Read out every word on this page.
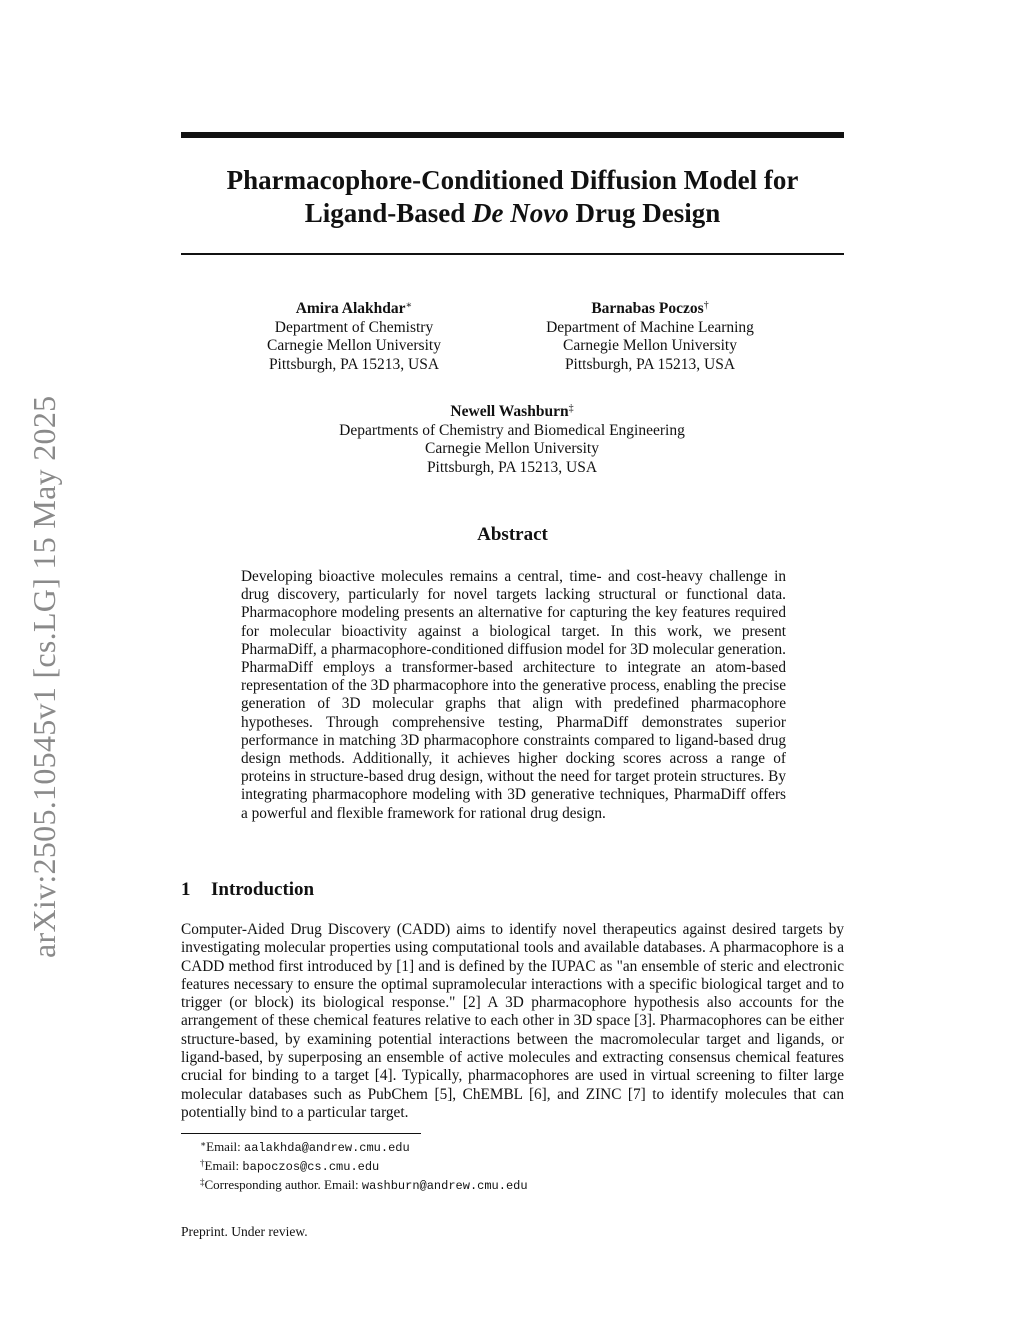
arXiv:2505.10545v1 [cs.LG] 15 May 2025
Pharmacophore-Conditioned Diffusion Model for
Ligand-Based De Novo Drug Design
Amira Alakhdar∗
Department of Chemistry
Carnegie Mellon University
Pittsburgh, PA 15213, USA
Barnabas Poczos†
Department of Machine Learning
Carnegie Mellon University
Pittsburgh, PA 15213, USA
Newell Washburn‡
Departments of Chemistry and Biomedical Engineering
Carnegie Mellon University
Pittsburgh, PA 15213, USA
Abstract
Developing bioactive molecules remains a central, time- and cost-heavy challenge in drug discovery, particularly for novel targets lacking structural or functional data. Pharmacophore modeling presents an alternative for capturing the key features required for molecular bioactivity against a biological target. In this work, we present PharmaDiff, a pharmacophore-conditioned diffusion model for 3D molecular generation. PharmaDiff employs a transformer-based architecture to integrate an atom-based representation of the 3D pharmacophore into the generative process, enabling the precise generation of 3D molecular graphs that align with predefined pharmacophore hypotheses. Through comprehensive testing, PharmaDiff demonstrates superior performance in matching 3D pharmacophore constraints compared to ligand-based drug design methods. Additionally, it achieves higher docking scores across a range of proteins in structure-based drug design, without the need for target protein structures. By integrating pharmacophore modeling with 3D generative techniques, PharmaDiff offers a powerful and flexible framework for rational drug design.
1 Introduction
Computer-Aided Drug Discovery (CADD) aims to identify novel therapeutics against desired targets by investigating molecular properties using computational tools and available databases. A pharmacophore is a CADD method first introduced by [1] and is defined by the IUPAC as "an ensemble of steric and electronic features necessary to ensure the optimal supramolecular interactions with a specific biological target and to trigger (or block) its biological response." [2] A 3D pharmacophore hypothesis also accounts for the arrangement of these chemical features relative to each other in 3D space [3]. Pharmacophores can be either structure-based, by examining potential interactions between the macromolecular target and ligands, or ligand-based, by superposing an ensemble of active molecules and extracting consensus chemical features crucial for binding to a target [4]. Typically, pharmacophores are used in virtual screening to filter large molecular databases such as PubChem [5], ChEMBL [6], and ZINC [7] to identify molecules that can potentially bind to a particular target.
∗Email: aalakhda@andrew.cmu.edu
†Email: bapoczos@cs.cmu.edu
‡Corresponding author. Email: washburn@andrew.cmu.edu
Preprint. Under review.
